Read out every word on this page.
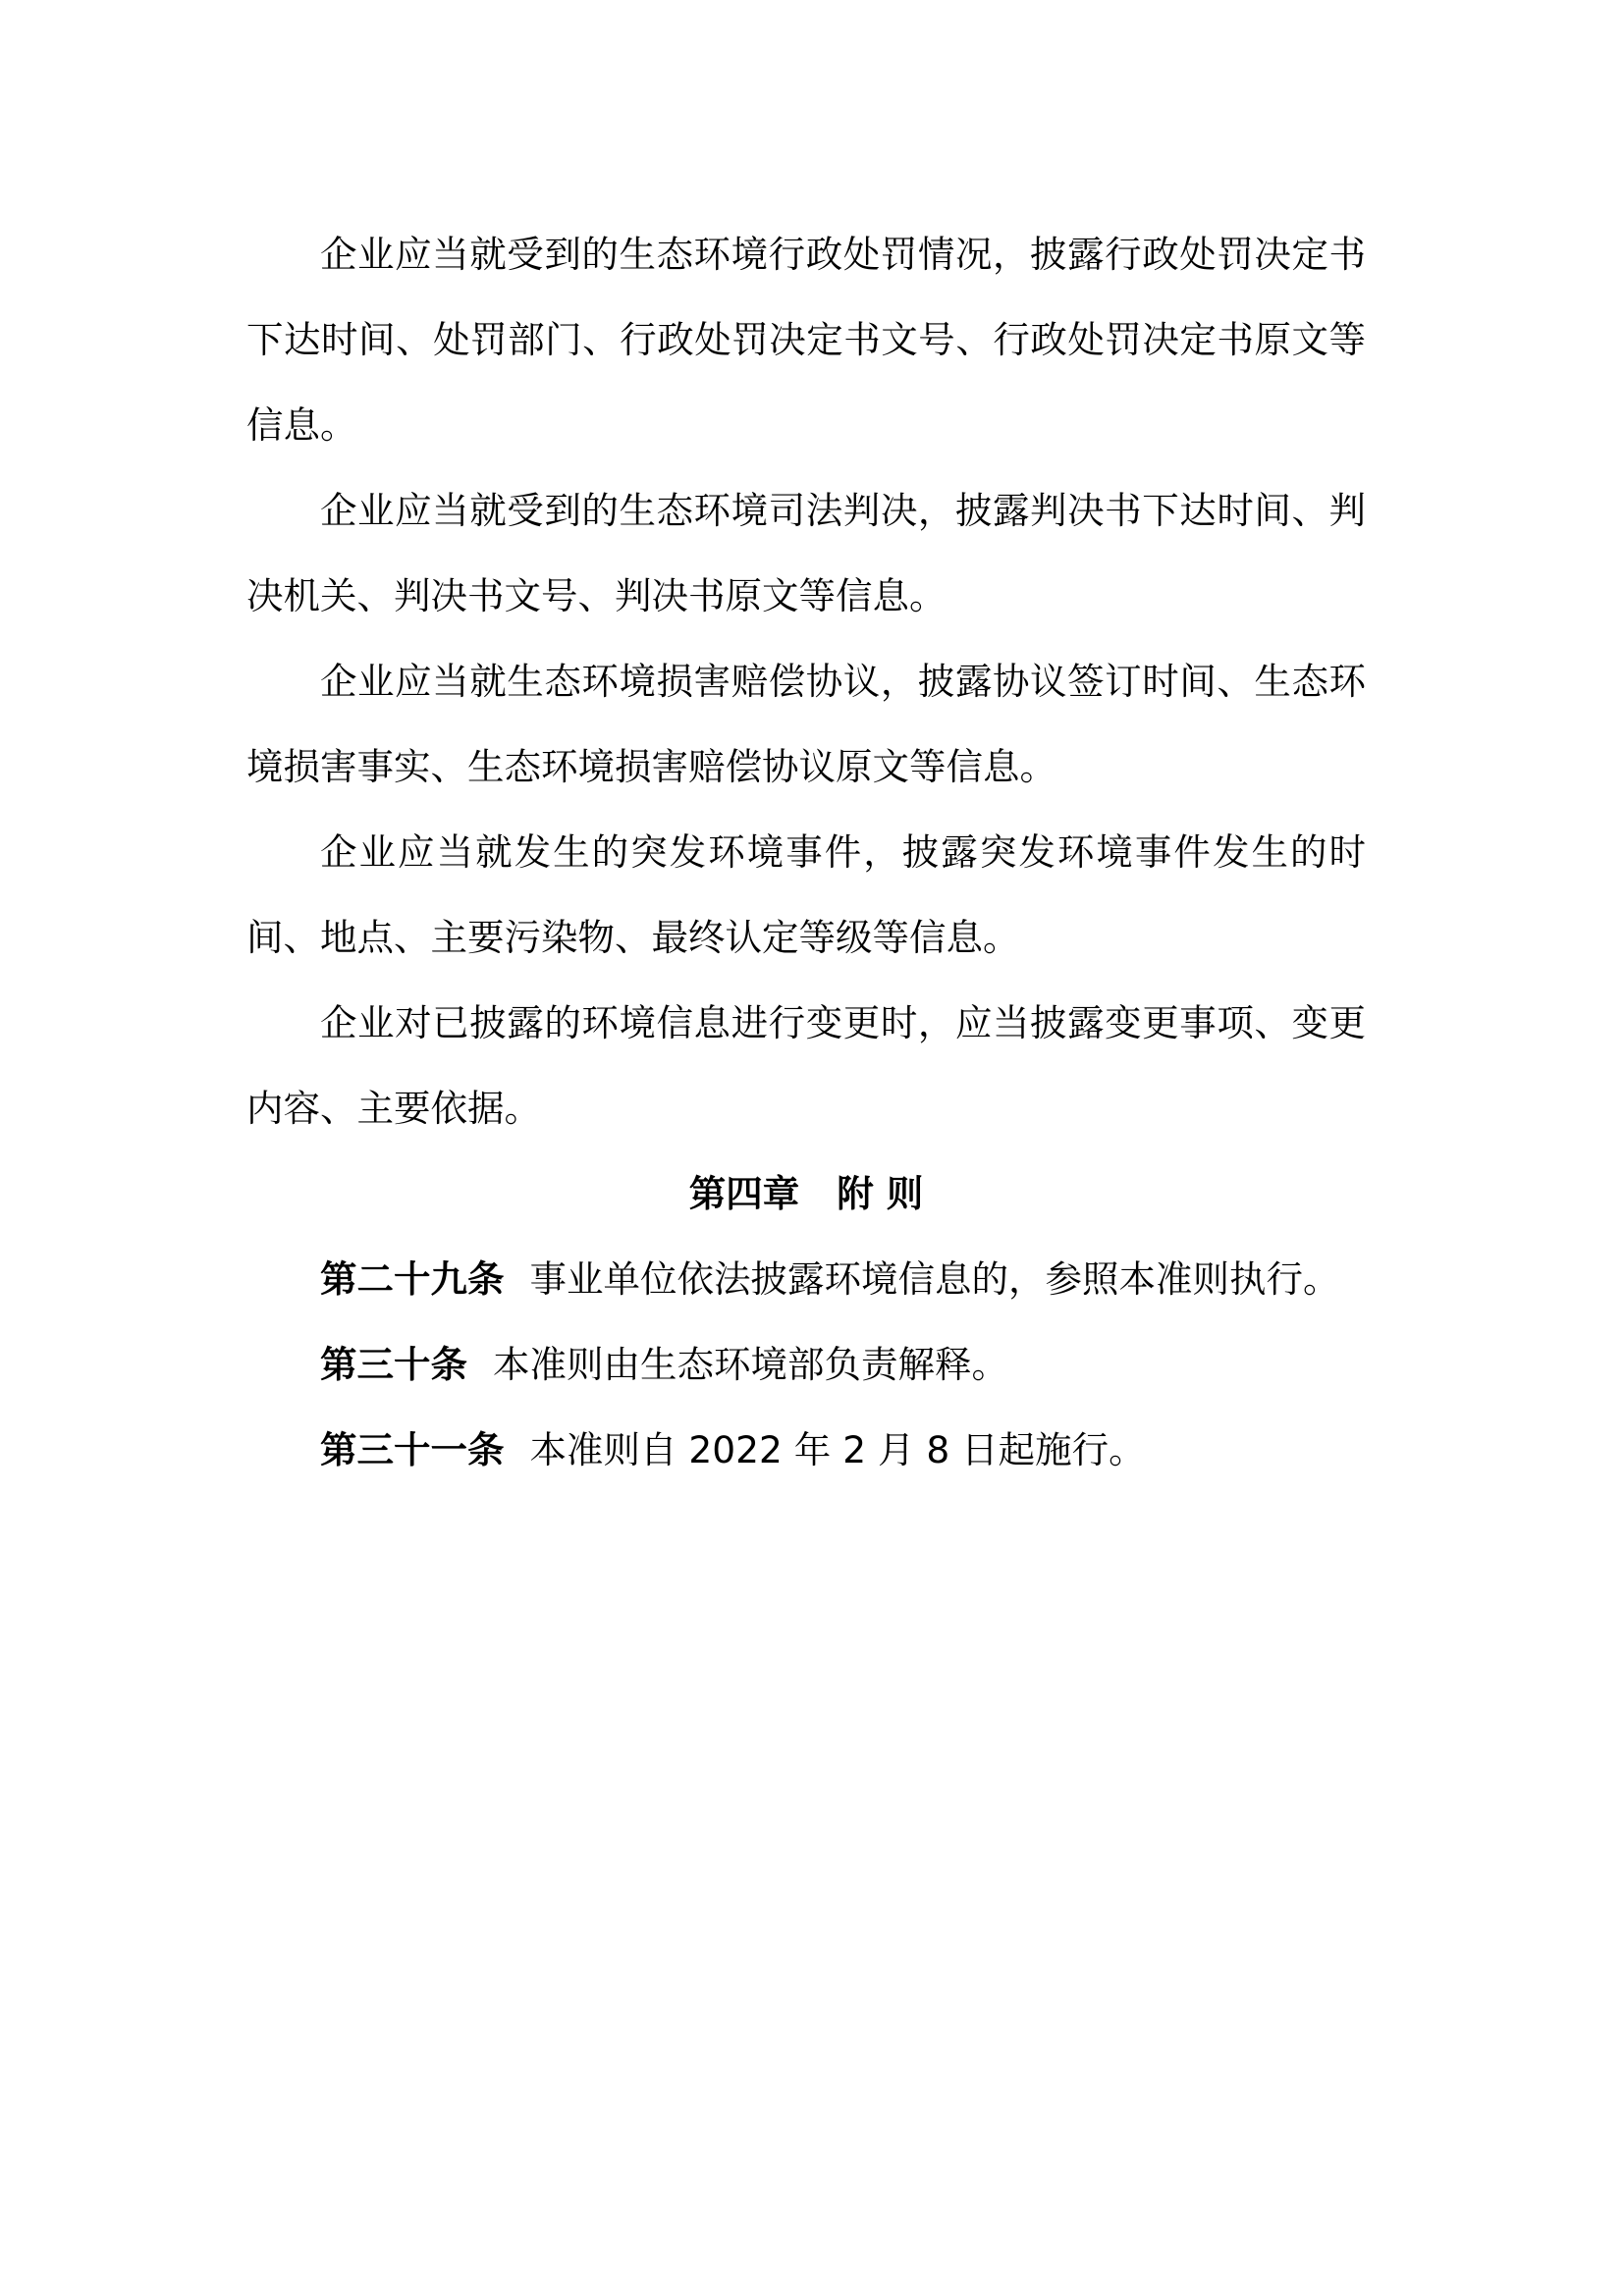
企业应当就受到的生态环境行政处罚情况，披露行政处罚决定书下达时间、处罚部门、行政处罚决定书文号、行政处罚决定书原文等信息。

企业应当就受到的生态环境司法判决，披露判决书下达时间、判决机关、判决书文号、判决书原文等信息。

企业应当就生态环境损害赔偿协议，披露协议签订时间、生态环境损害事实、生态环境损害赔偿协议原文等信息。

企业应当就发生的突发环境事件，披露突发环境事件发生的时间、地点、主要污染物、最终认定等级等信息。

企业对已披露的环境信息进行变更时，应当披露变更事项、变更内容、主要依据。

第四章 附 则

第二十九条 事业单位依法披露环境信息的，参照本准则执行。

第三十条 本准则由生态环境部负责解释。

第三十一条 本准则自 2022 年 2 月 8 日起施行。
